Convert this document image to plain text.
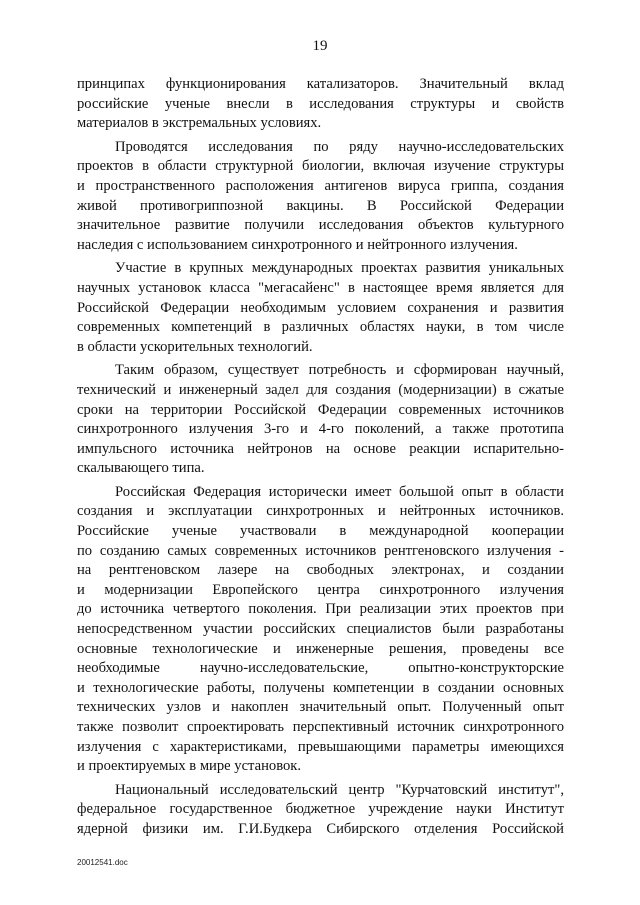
19
принципах функционирования катализаторов. Значительный вклад
российские ученые внесли в исследования структуры и свойств
материалов в экстремальных условиях.
Проводятся исследования по ряду научно-исследовательских
проектов в области структурной биологии, включая изучение структуры
и пространственного расположения антигенов вируса гриппа, создания
живой противогриппозной вакцины. В Российской Федерации
значительное развитие получили исследования объектов культурного
наследия с использованием синхротронного и нейтронного излучения.
Участие в крупных международных проектах развития уникальных
научных установок класса "мегасайенс" в настоящее время является для
Российской Федерации необходимым условием сохранения и развития
современных компетенций в различных областях науки, в том числе
в области ускорительных технологий.
Таким образом, существует потребность и сформирован научный,
технический и инженерный задел для создания (модернизации) в сжатые
сроки на территории Российской Федерации современных источников
синхротронного излучения 3-го и 4-го поколений, а также прототипа
импульсного источника нейтронов на основе реакции испарительно-
скалывающего типа.
Российская Федерация исторически имеет большой опыт в области
создания и эксплуатации синхротронных и нейтронных источников.
Российские ученые участвовали в международной кооперации
по созданию самых современных источников рентгеновского излучения -
на рентгеновском лазере на свободных электронах, и создании
и модернизации Европейского центра синхротронного излучения
до источника четвертого поколения. При реализации этих проектов при
непосредственном участии российских специалистов были разработаны
основные технологические и инженерные решения, проведены все
необходимые научно-исследовательские, опытно-конструкторские
и технологические работы, получены компетенции в создании основных
технических узлов и накоплен значительный опыт. Полученный опыт
также позволит спроектировать перспективный источник синхротронного
излучения с характеристиками, превышающими параметры имеющихся
и проектируемых в мире установок.
Национальный исследовательский центр "Курчатовский институт",
федеральное государственное бюджетное учреждение науки Институт
ядерной физики им. Г.И.Будкера Сибирского отделения Российской
20012541.doc
